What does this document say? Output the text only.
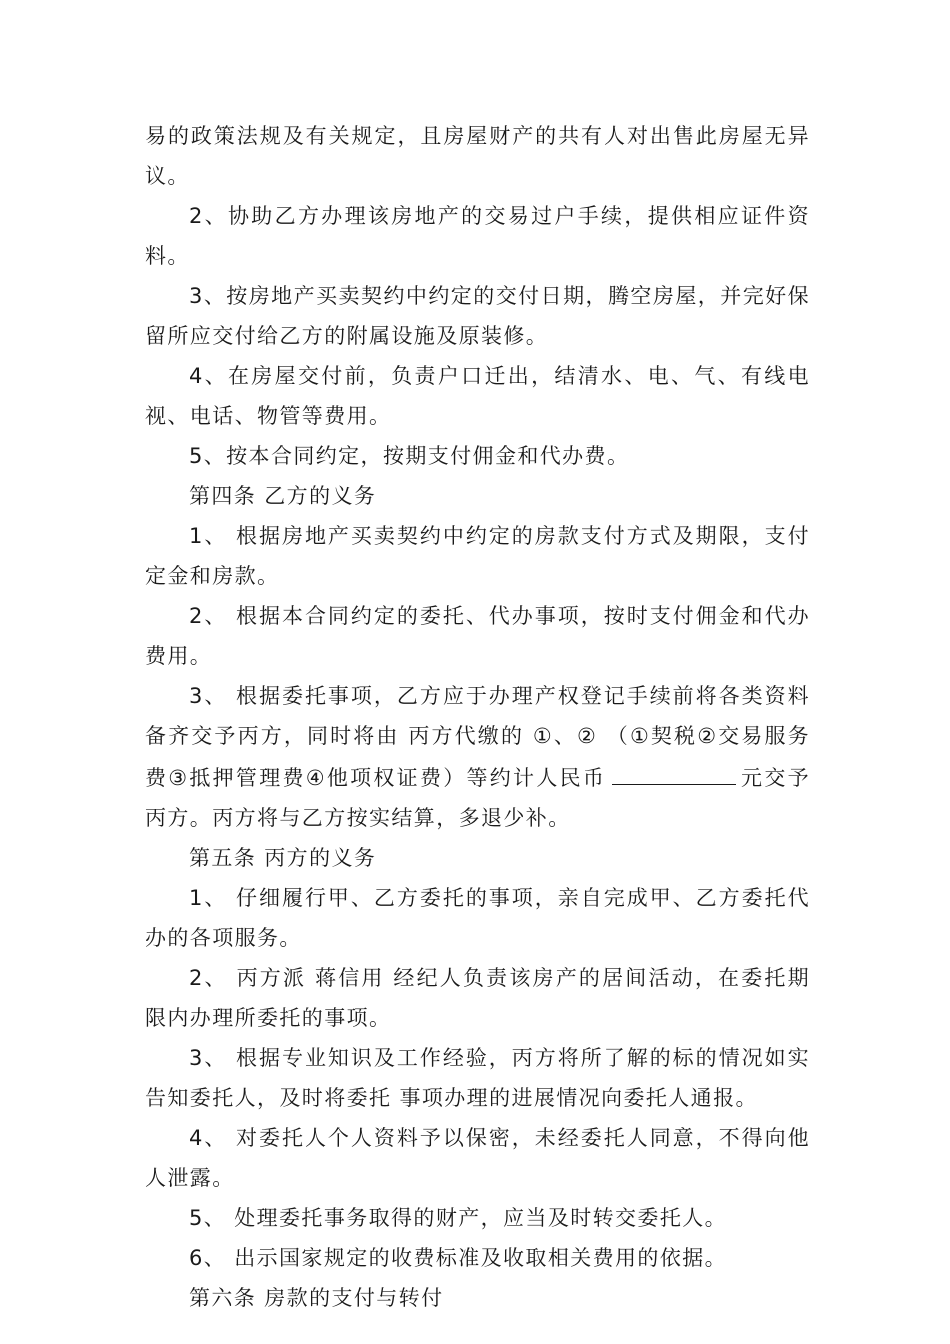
易的政策法规及有关规定，且房屋财产的共有人对出售此房屋无异议。

2、协助乙方办理该房地产的交易过户手续，提供相应证件资料。

3、按房地产买卖契约中约定的交付日期，腾空房屋，并完好保留所应交付给乙方的附属设施及原装修。

4、在房屋交付前，负责户口迁出，结清水、电、气、有线电视、电话、物管等费用。

5、按本合同约定，按期支付佣金和代办费。

第四条 乙方的义务

1、 根据房地产买卖契约中约定的房款支付方式及期限，支付定金和房款。

2、 根据本合同约定的委托、代办事项，按时支付佣金和代办费用。

3、 根据委托事项，乙方应于办理产权登记手续前将各类资料备齐交予丙方，同时将由 丙方代缴的 ①、② （①契税②交易服务费③抵押管理费④他项权证费）等约计人民币	元交予丙方。丙方将与乙方按实结算，多退少补。

第五条 丙方的义务

1、 仔细履行甲、乙方委托的事项，亲自完成甲、乙方委托代办的各项服务。

2、 丙方派 蒋信用 经纪人负责该房产的居间活动，在委托期限内办理所委托的事项。

3、 根据专业知识及工作经验，丙方将所了解的标的情况如实告知委托人，及时将委托 事项办理的进展情况向委托人通报。

4、 对委托人个人资料予以保密，未经委托人同意，不得向他人泄露。

5、 处理委托事务取得的财产，应当及时转交委托人。

6、 出示国家规定的收费标准及收取相关费用的依据。

第六条 房款的支付与转付
